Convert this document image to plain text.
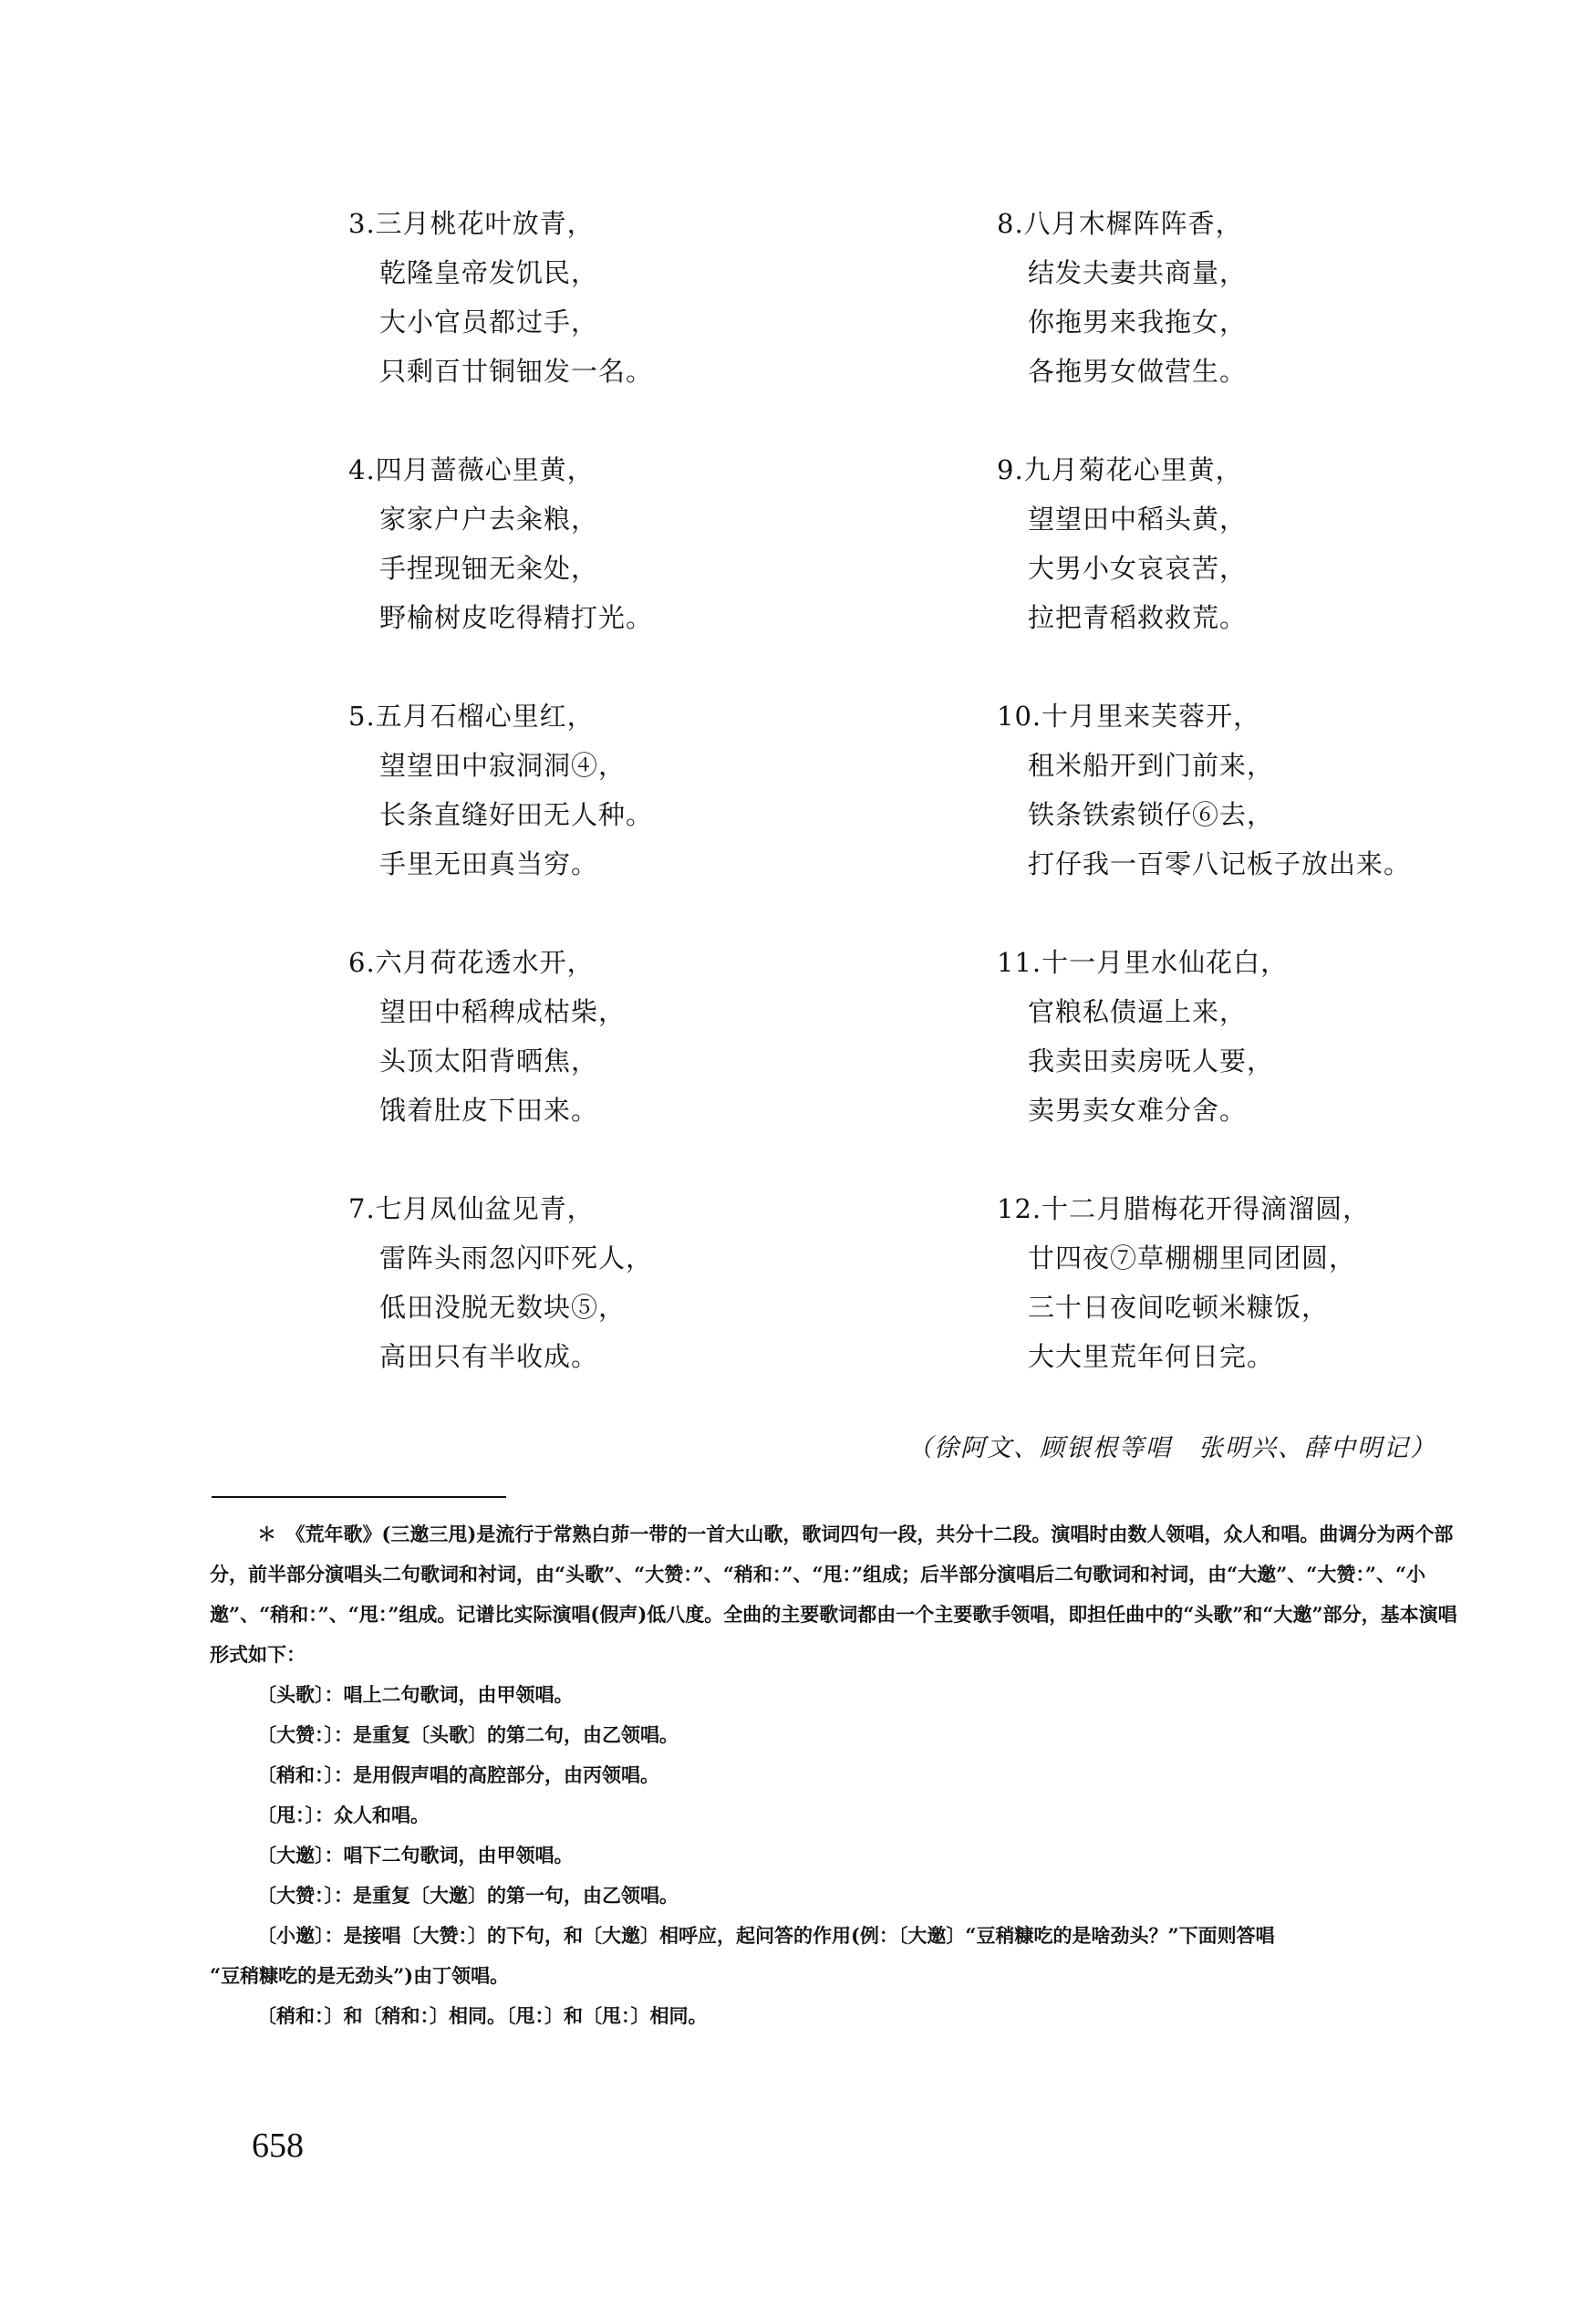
3.三月桃花叶放青，
乾隆皇帝发饥民，
大小官员都过手，
只剩百廿铜钿发一名。
4.四月蔷薇心里黄，
家家户户去籴粮，
手捏现钿无籴处，
野榆树皮吃得精打光。
5.五月石榴心里红，
望望田中寂洞洞④，
长条直缝好田无人种。
手里无田真当穷。
6.六月荷花透水开，
望田中稻稗成枯柴，
头顶太阳背晒焦，
饿着肚皮下田来。
7.七月凤仙盆见青，
雷阵头雨忽闪吓死人，
低田没脱无数块⑤，
高田只有半收成。
8.八月木樨阵阵香，
结发夫妻共商量，
你拖男来我拖女，
各拖男女做营生。
9.九月菊花心里黄，
望望田中稻头黄，
大男小女哀哀苦，
拉把青稻救救荒。
10.十月里来芙蓉开，
租米船开到门前来，
铁条铁索锁仔⑥去，
打仔我一百零八记板子放出来。
11.十一月里水仙花白，
官粮私债逼上来，
我卖田卖房呒人要，
卖男卖女难分舍。
12.十二月腊梅花开得滴溜圆，
廿四夜⑦草棚棚里同团圆，
三十日夜间吃顿米糠饭，
大大里荒年何日完。
（徐阿文、顾银根等唱　张明兴、薛中明记）
＊　《荒年歌》(三邀三甩)是流行于常熟白茆一带的一首大山歌，歌词四句一段，共分十二段。演唱时由数人领唱，众人和唱。曲调分为两个部分，前半部分演唱头二句歌词和衬词，由“头歌”、“大赞：”、“稍和：”、“甩：”组成；后半部分演唱后二句歌词和衬词，由“大邀”、“大赞：”、“小邀”、“稍和：”、“甩：”组成。记谱比实际演唱(假声)低八度。全曲的主要歌词都由一个主要歌手领唱，即担任曲中的“头歌”和“大邀”部分，基本演唱形式如下：
〔头歌〕：唱上二句歌词，由甲领唱。
〔大赞：〕：是重复〔头歌〕的第二句，由乙领唱。
〔稍和：〕：是用假声唱的高腔部分，由丙领唱。
〔甩：〕：众人和唱。
〔大邀〕：唱下二句歌词，由甲领唱。
〔大赞：〕：是重复〔大邀〕的第一句，由乙领唱。
〔小邀〕：是接唱〔大赞：〕的下句，和〔大邀〕相呼应，起问答的作用(例：〔大邀〕“豆稍糠吃的是啥劲头？”下面则答唱
“豆稍糠吃的是无劲头”)由丁领唱。
〔稍和：〕和〔稍和：〕相同。〔甩：〕和〔甩：〕相同。
658
